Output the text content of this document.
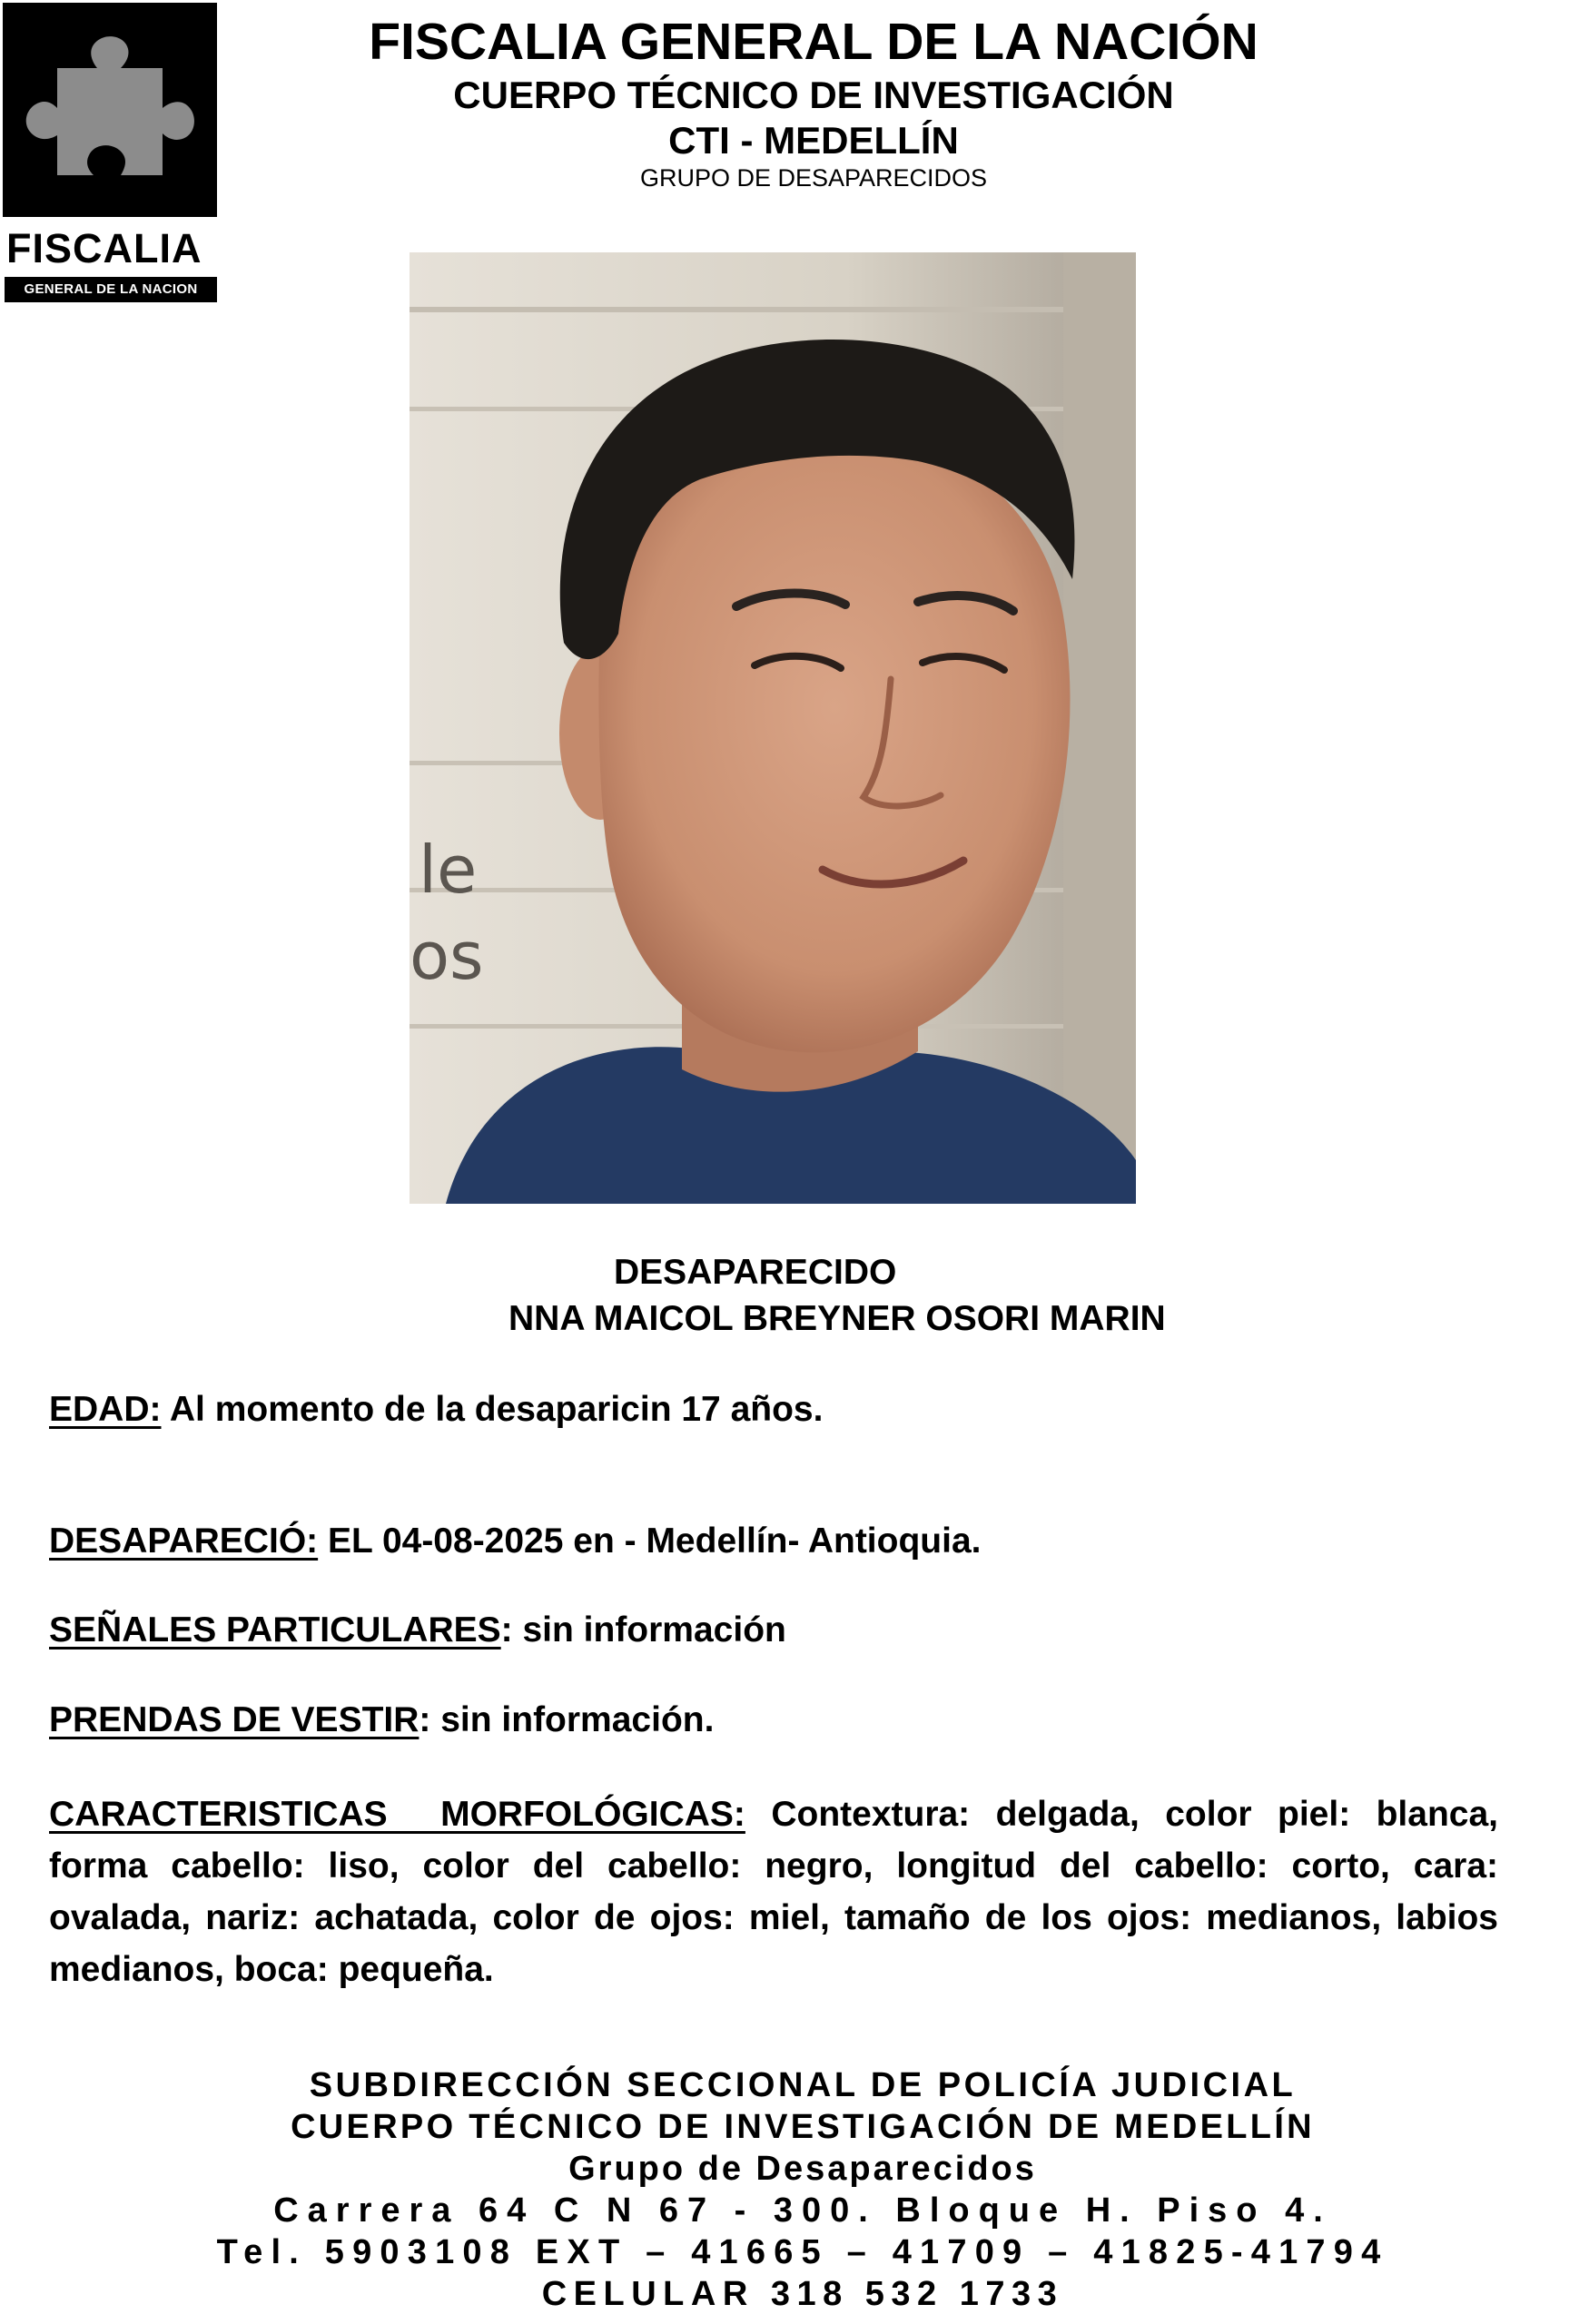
FISCALIA
GENERAL DE LA NACION
FISCALIA GENERAL DE LA NACIÓN
CUERPO TÉCNICO DE INVESTIGACIÓN
CTI - MEDELLÍN
GRUPO DE DESAPARECIDOS
le
os
DESAPARECIDO
NNA MAICOL BREYNER OSORI MARIN
EDAD: Al momento de la desaparicin 17 años.
DESAPARECIÓ: EL 04-08-2025 en - Medellín- Antioquia.
SEÑALES PARTICULARES: sin información
PRENDAS DE VESTIR: sin información.
CARACTERISTICAS MORFOLÓGICAS: Contextura: delgada, color piel: blanca, forma cabello: liso, color del cabello: negro, longitud del cabello: corto, cara: ovalada, nariz: achatada, color de ojos: miel, tamaño de los ojos: medianos, labios medianos, boca: pequeña.
SUBDIRECCIÓN SECCIONAL DE POLICÍA JUDICIAL
CUERPO TÉCNICO DE INVESTIGACIÓN DE MEDELLÍN
Grupo de Desaparecidos
Carrera 64 C N 67 - 300. Bloque H. Piso 4.
Tel. 5903108 EXT – 41665 – 41709 – 41825-41794
CELULAR 318 532 1733
